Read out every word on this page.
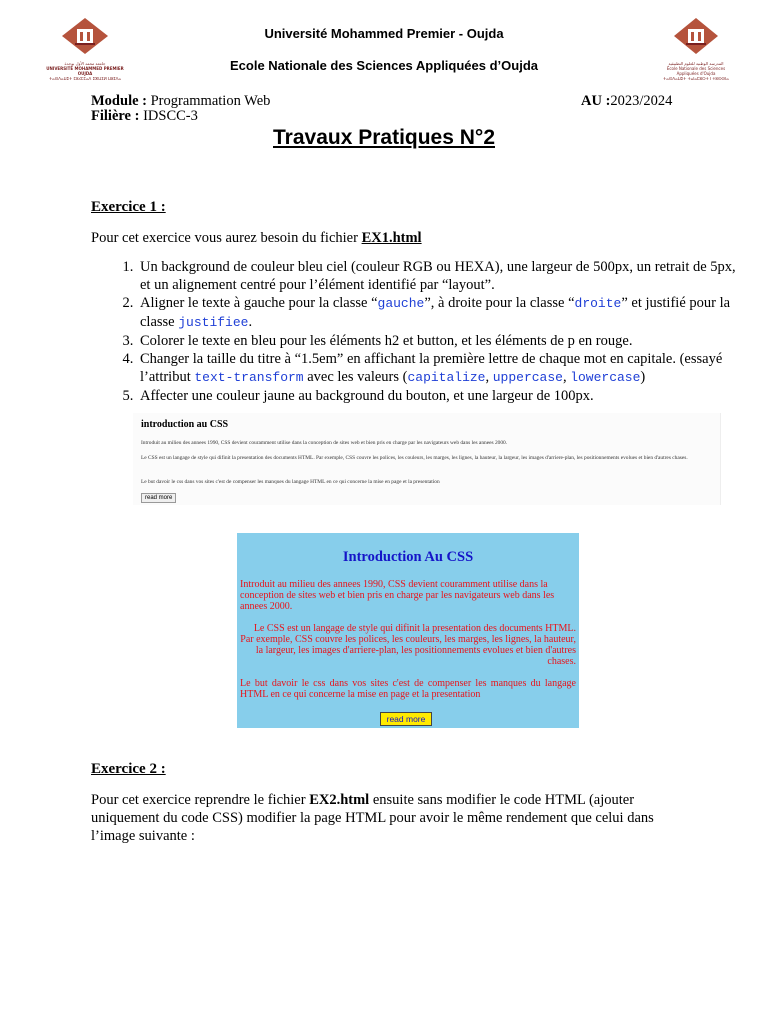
جامعة محمد الأول بوجدة
UNIVERSITÉ MOHAMMED PREMIER OUJDA
ⵜⴰⵙⴷⴰⵡⵉⵜ ⵎⵓⵃⵎⵎⴰⴷ ⵉⵣⵡⵉⵍ ⵡⵓⵊⴷⴰ
المدرسة الوطنية للعلوم التطبيقية
École Nationale des Sciences Appliquées d'Oujda
ⵜⴰⵙⴷⴰⵡⵉⵜ ⵜⴰⵏⴰⵎⵓⵔⵜ ⵏ ⵜⵓⵙⵙⵏⴰ
Université Mohammed Premier - Oujda
Ecole Nationale des Sciences Appliquées d’Oujda
Module : Programmation Web
Filière : IDSCC-3
AU :2023/2024
Travaux Pratiques N°2
Exercice 1 :
Pour cet exercice vous aurez besoin du fichier EX1.html
1. Un background de couleur bleu ciel (couleur RGB ou HEXA), une largeur de 500px, un retrait de 5px, et un alignement centré pour l’élément identifié par “layout”.
2. Aligner le texte à gauche pour la classe “gauche”, à droite pour la classe “droite” et justifié pour la classe justifiee.
3. Colorer le texte en bleu pour les éléments h2 et button, et les éléments de p en rouge.
4. Changer la taille du titre à “1.5em” en affichant la première lettre de chaque mot en capitale. (essayé l’attribut text-transform avec les valeurs (capitalize, uppercase, lowercase)
5. Affecter une couleur jaune au background du bouton, et une largeur de 100px.
introduction au CSS
Introduit au milieu des annees 1990, CSS devient couramment utilise dans la conception de sites web et bien pris en charge par les navigateurs web dans les annees 2000.
Le CSS est un langage de style qui difinit la presentation des documents HTML. Par exemple, CSS couvre les polices, les couleurs, les marges, les lignes, la hauteur, la largeur, les images d'arriere-plan, les positionnements evolues et bien d'autres chases.
Le but davoir le css dans vos sites c'est de compenser les manques du langage HTML en ce qui concerne la mise en page et la presentation
read more
Introduction Au CSS
Introduit au milieu des annees 1990, CSS devient couramment utilise dans la conception de sites web et bien pris en charge par les navigateurs web dans les annees 2000.
Le CSS est un langage de style qui difinit la presentation des documents HTML. Par exemple, CSS couvre les polices, les couleurs, les marges, les lignes, la hauteur, la largeur, les images d'arriere-plan, les positionnements evolues et bien d'autres chases.
Le but davoir le css dans vos sites c'est de compenser les manques du langage HTML en ce qui concerne la mise en page et la presentation
read more
Exercice 2 :
Pour cet exercice reprendre le fichier EX2.html ensuite sans modifier le code HTML (ajouter uniquement du code CSS) modifier la page HTML pour avoir le même rendement que celui dans l’image suivante :
